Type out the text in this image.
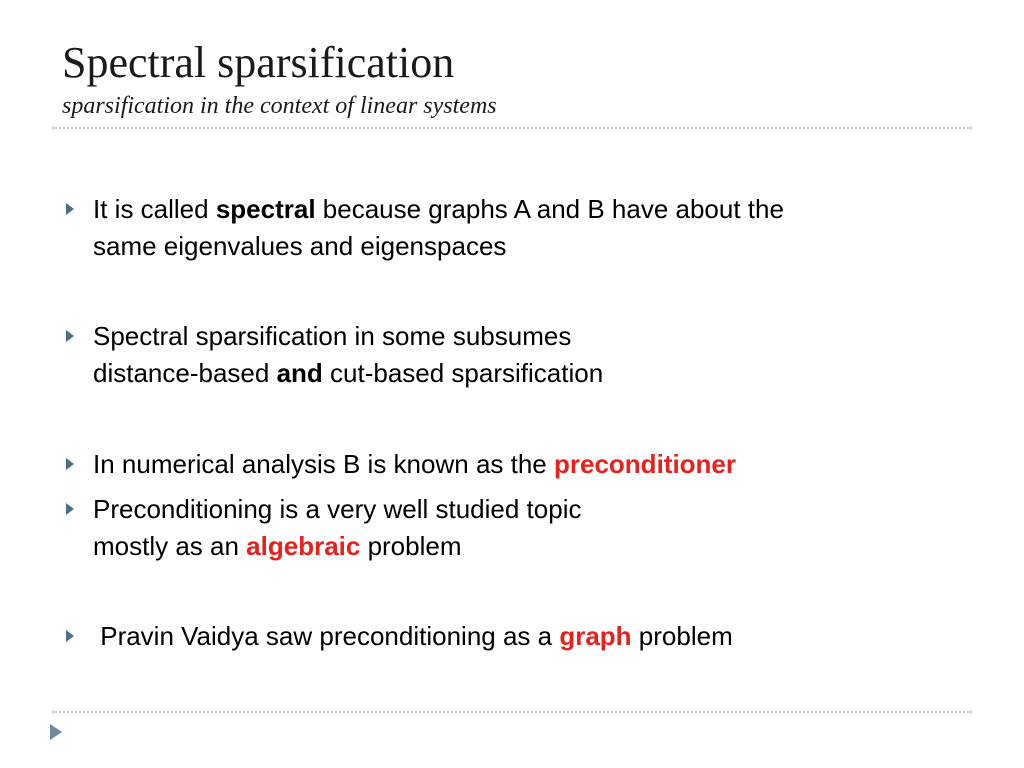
Spectral sparsification
sparsification in the context of linear systems
It is called spectral because graphs A and B have about the
same eigenvalues and eigenspaces
Spectral sparsification in some subsumes
distance-based and cut-based sparsification
In numerical analysis B is known as the preconditioner
Preconditioning is a very well studied topic
mostly as an algebraic problem
Pravin Vaidya saw preconditioning as a graph problem
